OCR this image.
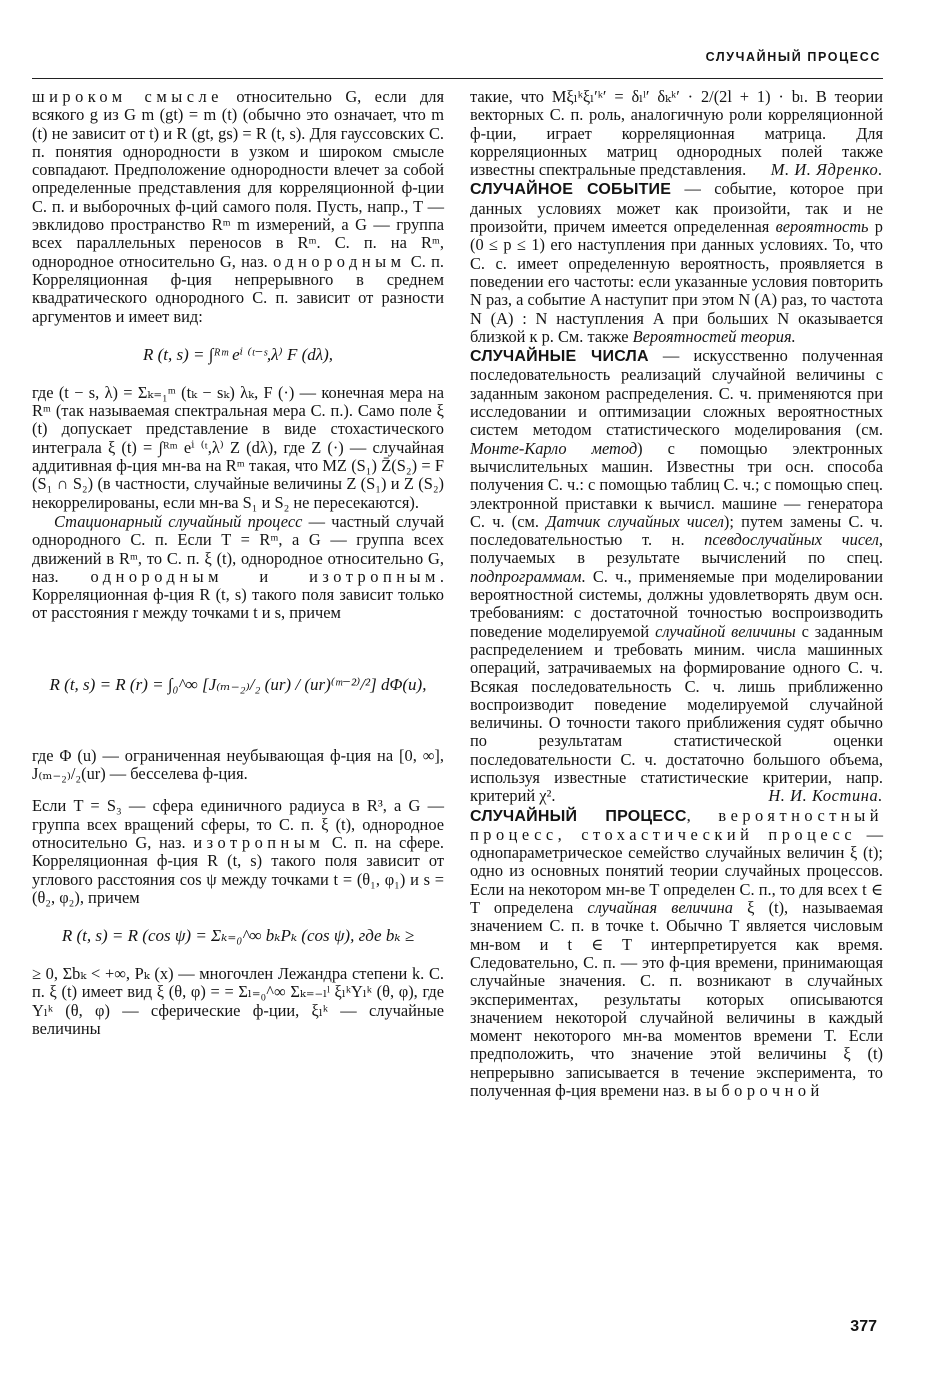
СЛУЧАЙНЫЙ ПРОЦЕСС

широком смысле относительно G, если для всякого g из G m (gt) = m (t) (обычно это означает, что m (t) не зависит от t) и R (gt, gs) = R (t, s). Для гауссовских С. п. понятия однородности в узком и широком смысле совпадают. Предположение однородности влечет за собой определенные представления для корреляционной ф-ции С. п. и выборочных ф-ций самого поля. Пусть, напр., T — эвклидово пространство Rᵐ m измерений, а G — группа всех параллельных переносов в Rᵐ. С. п. на Rᵐ, однородное относительно G, наз. однородным С. п. Корреляционная ф-ция непрерывного в среднем квадратического однородного С. п. зависит от разности аргументов и имеет вид:

R (t, s) = ∫ᴿᵐ eⁱ ⁽ᵗ⁻ˢ,λ⁾ F (dλ),

где (t − s, λ) = Σₖ₌₁ᵐ (tₖ − sₖ) λₖ, F (·) — конечная мера на Rᵐ (так называемая спектральная мера С. п.). Само поле ξ (t) допускает представление в виде стохастического интеграла ξ (t) = ∫ᴿᵐ eⁱ ⁽ᵗ,λ⁾ Z (dλ), где Z (·) — случайная аддитивная ф-ция мн-ва на Rᵐ такая, что MZ (S₁) Z̄(S₂) = F (S₁ ∩ S₂) (в частности, случайные величины Z (S₁) и Z (S₂) некоррелированы, если мн-ва S₁ и S₂ не пересекаются).

Стационарный случайный процесс — частный случай однородного С. п. Если T = Rᵐ, а G — группа всех движений в Rᵐ, то С. п. ξ (t), однородное относительно G, наз. однородным и изотропным. Корреляционная ф-ция R (t, s) такого поля зависит только от расстояния r между точками t и s, причем

R (t, s) = R (r) = ∫₀^∞ [J₍ₘ₋₂₎/₂ (ur) / (ur)⁽ᵐ⁻²⁾/²] dΦ(u),

где Φ (u) — ограниченная неубывающая ф-ция на [0, ∞], J₍ₘ₋₂₎/₂(ur) — бесселева ф-ция.

Если T = S₃ — сфера единичного радиуса в R³, а G — группа всех вращений сферы, то С. п. ξ (t), однородное относительно G, наз. изотропным С. п. на сфере. Корреляционная ф-ция R (t, s) такого поля зависит от углового расстояния cos ψ между точками t = (θ₁, φ₁) и s = (θ₂, φ₂), причем

R (t, s) = R (cos ψ) = Σₖ₌₀^∞ bₖPₖ (cos ψ), где bₖ ≥

≥ 0, Σbₖ < +∞, Pₖ (x) — многочлен Лежандра степени k. С. п. ξ (t) имеет вид ξ (θ, φ) = = Σₗ₌₀^∞ Σₖ₌₋ₗˡ ξₗᵏYₗᵏ (θ, φ), где Yₗᵏ (θ, φ) — сферические ф-ции, ξₗᵏ — случайные величины

такие, что Mξₗᵏξₗ′ᵏ′ = δₗˡ′ δₖᵏ′ · 2/(2l + 1) · bₗ. В теории векторных С. п. роль, аналогичную роли корреляционной ф-ции, играет корреляционная матрица. Для корреляционных матриц однородных полей также известны спектральные представления. М. И. Ядренко.

СЛУЧАЙНОЕ СОБЫТИЕ — событие, которое при данных условиях может как произойти, так и не произойти, причем имеется определенная вероятность p (0 ≤ p ≤ 1) его наступления при данных условиях. То, что С. с. имеет определенную вероятность, проявляется в поведении его частоты: если указанные условия повторить N раз, а событие A наступит при этом N (A) раз, то частота N (A) : N наступления A при больших N оказывается близкой к p. См. также Вероятностей теория.

СЛУЧАЙНЫЕ ЧИСЛА — искусственно полученная последовательность реализаций случайной величины с заданным законом распределения. С. ч. применяются при исследовании и оптимизации сложных вероятностных систем методом статистического моделирования (см. Монте-Карло метод) с помощью электронных вычислительных машин. Известны три осн. способа получения С. ч.: с помощью таблиц С. ч.; с помощью спец. электронной приставки к вычисл. машине — генератора С. ч. (см. Датчик случайных чисел); путем замены С. ч. последовательностью т. н. псевдослучайных чисел, получаемых в результате вычислений по спец. подпрограммам. С. ч., применяемые при моделировании вероятностной системы, должны удовлетворять двум осн. требованиям: с достаточной точностью воспроизводить поведение моделируемой случайной величины с заданным распределением и требовать миним. числа машинных операций, затрачиваемых на формирование одного С. ч. Всякая последовательность С. ч. лишь приближенно воспроизводит поведение моделируемой случайной величины. О точности такого приближения судят обычно по результатам статистической оценки последовательности С. ч. достаточно большого объема, используя известные статистические критерии, напр. критерий χ².	Н. И. Костина.

СЛУЧАЙНЫЙ ПРОЦЕСС, вероятностный процесс, стохастический процесс — однопараметрическое семейство случайных величин ξ (t); одно из основных понятий теории случайных процессов. Если на некотором мн-ве T определен С. п., то для всех t ∈ T определена случайная величина ξ (t), называемая значением С. п. в точке t. Обычно T является числовым мн-вом и t ∈ T интерпретируется как время. Следовательно, С. п. — это ф-ция времени, принимающая случайные значения. С. п. возникают в случайных экспериментах, результаты которых описываются значением некоторой случайной величины в каждый момент некоторого мн-ва моментов времени T. Если предположить, что значение этой величины ξ (t) непрерывно записывается в течение эксперимента, то полученная ф-ция времени наз. выборочной

377
